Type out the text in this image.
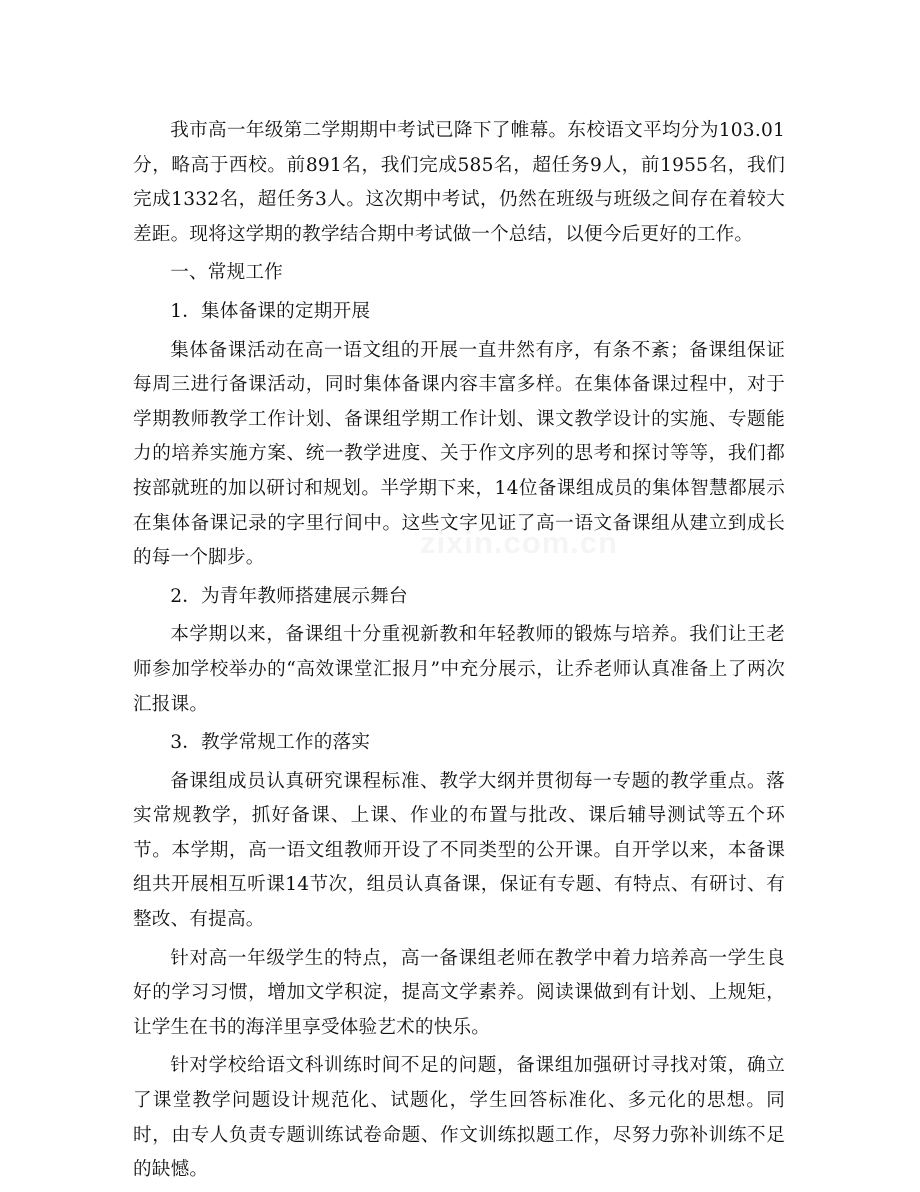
zixin.com.cn

我市高一年级第二学期期中考试已降下了帷幕。东校语文平均分为103.01分，略高于西校。前891名，我们完成585名，超任务9人，前1955名，我们完成1332名，超任务3人。这次期中考试，仍然在班级与班级之间存在着较大差距。现将这学期的教学结合期中考试做一个总结，以便今后更好的工作。

一、常规工作

1．集体备课的定期开展

集体备课活动在高一语文组的开展一直井然有序，有条不紊；备课组保证每周三进行备课活动，同时集体备课内容丰富多样。在集体备课过程中，对于学期教师教学工作计划、备课组学期工作计划、课文教学设计的实施、专题能力的培养实施方案、统一教学进度、关于作文序列的思考和探讨等等，我们都按部就班的加以研讨和规划。半学期下来，14位备课组成员的集体智慧都展示在集体备课记录的字里行间中。这些文字见证了高一语文备课组从建立到成长的每一个脚步。

2．为青年教师搭建展示舞台

本学期以来，备课组十分重视新教和年轻教师的锻炼与培养。我们让王老师参加学校举办的“高效课堂汇报月”中充分展示，让乔老师认真准备上了两次汇报课。

3．教学常规工作的落实

备课组成员认真研究课程标准、教学大纲并贯彻每一专题的教学重点。落实常规教学，抓好备课、上课、作业的布置与批改、课后辅导测试等五个环节。本学期，高一语文组教师开设了不同类型的公开课。自开学以来，本备课组共开展相互听课14节次，组员认真备课，保证有专题、有特点、有研讨、有整改、有提高。

针对高一年级学生的特点，高一备课组老师在教学中着力培养高一学生良好的学习习惯，增加文学积淀，提高文学素养。阅读课做到有计划、上规矩，让学生在书的海洋里享受体验艺术的快乐。

针对学校给语文科训练时间不足的问题，备课组加强研讨寻找对策，确立了课堂教学问题设计规范化、试题化，学生回答标准化、多元化的思想。同时，由专人负责专题训练试卷命题、作文训练拟题工作，尽努力弥补训练不足的缺憾。
